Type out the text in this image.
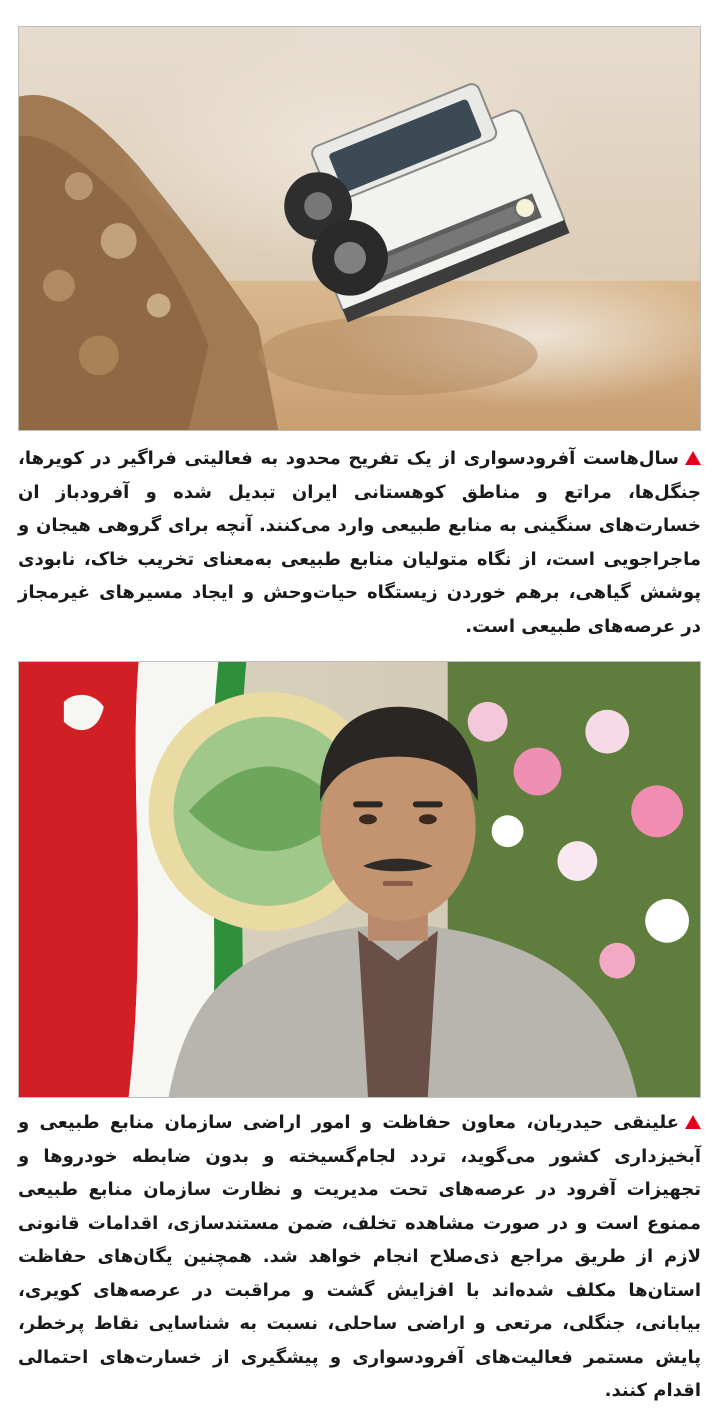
سال‌هاست آفرودسواری از یک تفریح محدود به فعالیتی فراگیر در کویرها، جنگل‌ها، مراتع و مناطق کوهستانی ایران تبدیل شده و آفرودباز ان خسارت‌های سنگینی به منابع طبیعی وارد می‌کنند. آنچه برای گروهی هیجان و ماجراجویی است، از نگاه متولیان منابع طبیعی به‌معنای تخریب خاک، نابودی پوشش گیاهی، برهم خوردن زیستگاه حیات‌وحش و ایجاد مسیرهای غیرمجاز در عرصه‌های طبیعی است.

علینقی حیدریان، معاون حفاظت و امور اراضی سازمان منابع طبیعی و آبخیزداری کشور می‌گوید، تردد لجام‌گسیخته و بدون ضابطه خودروها و تجهیزات آفرود در عرصه‌های تحت مدیریت و نظارت سازمان منابع طبیعی ممنوع است و در صورت مشاهده تخلف، ضمن مستندسازی، اقدامات قانونی لازم از طریق مراجع ذی‌صلاح انجام خواهد شد. همچنین یگان‌های حفاظت استان‌ها مکلف شده‌اند با افزایش گشت و مراقبت در عرصه‌های کویری، بیابانی، جنگلی، مرتعی و اراضی ساحلی، نسبت به شناسایی نقاط پرخطر، پایش مستمر فعالیت‌های آفرودسواری و پیشگیری از خسارت‌های احتمالی اقدام کنند.
